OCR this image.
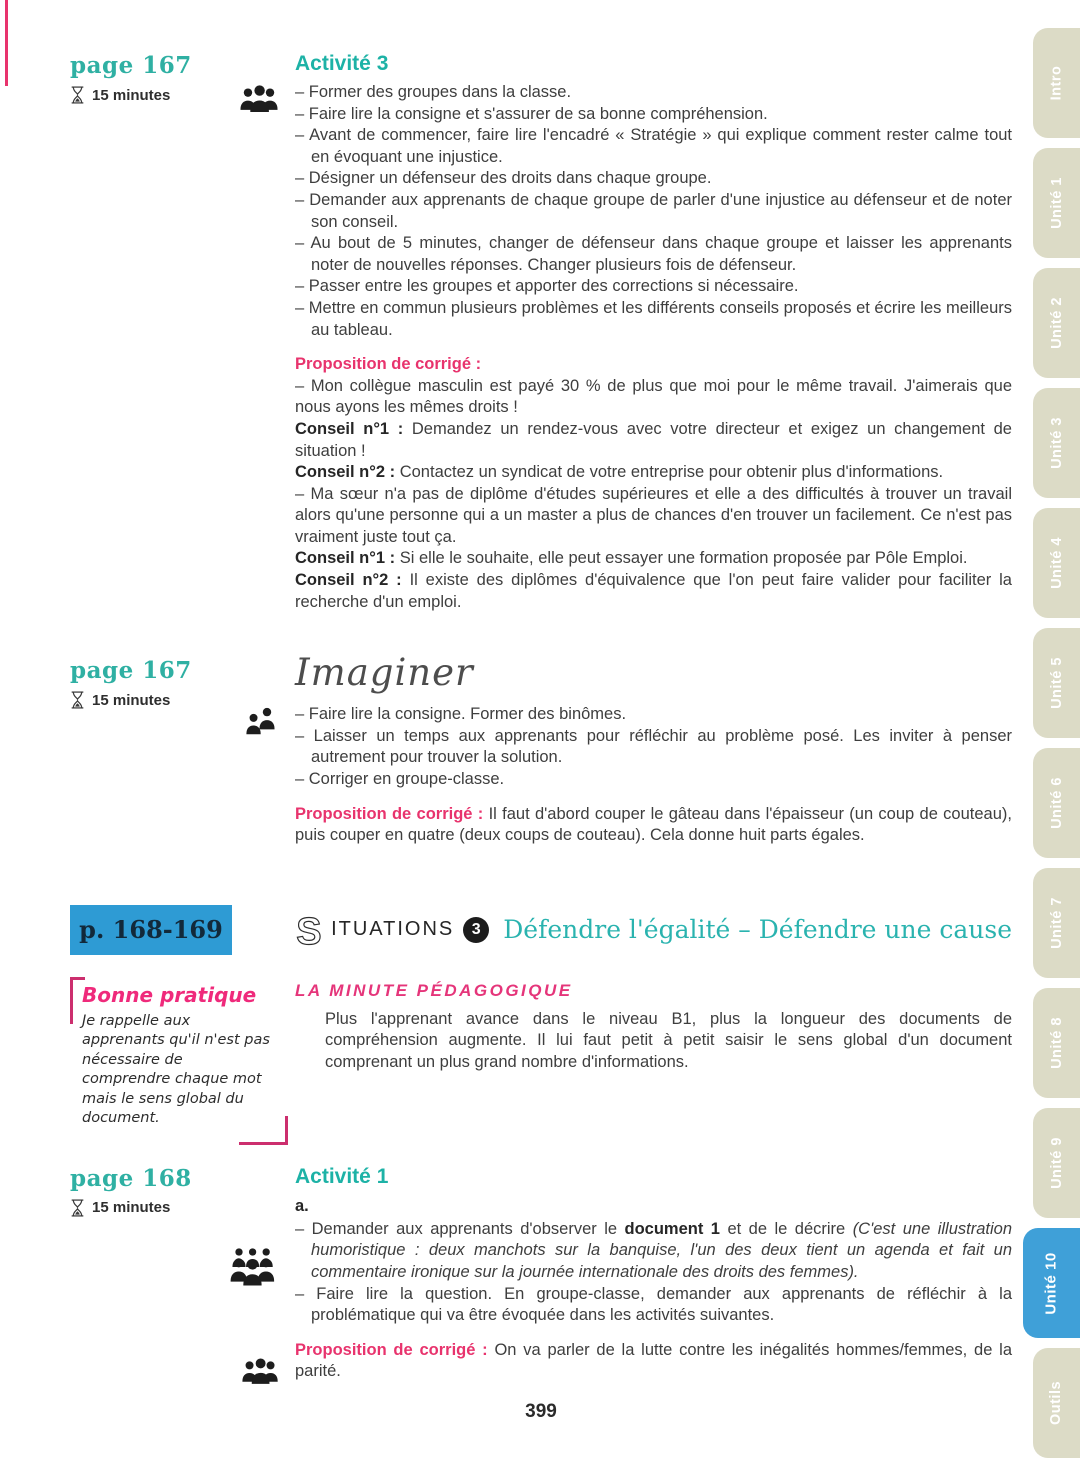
page 167
15 minutes
Activité 3

– Former des groupes dans la classe.

– Faire lire la consigne et s'assurer de sa bonne compréhension.

– Avant de commencer, faire lire l'encadré « Stratégie » qui explique comment rester calme tout en évoquant une injustice.

– Désigner un défenseur des droits dans chaque groupe.

– Demander aux apprenants de chaque groupe de parler d'une injustice au défenseur et de noter son conseil.

– Au bout de 5 minutes, changer de défenseur dans chaque groupe et laisser les apprenants noter de nouvelles réponses. Changer plusieurs fois de défenseur.

– Passer entre les groupes et apporter des corrections si nécessaire.

– Mettre en commun plusieurs problèmes et les différents conseils proposés et écrire les meilleurs au tableau.

Proposition de corrigé :

– Mon collègue masculin est payé 30 % de plus que moi pour le même travail. J'aimerais que nous ayons les mêmes droits !

Conseil n°1 : Demandez un rendez-vous avec votre directeur et exigez un changement de situation !

Conseil n°2 : Contactez un syndicat de votre entreprise pour obtenir plus d'informations.

– Ma sœur n'a pas de diplôme d'études supérieures et elle a des difficultés à trouver un travail alors qu'une personne qui a un master a plus de chances d'en trouver un facilement. Ce n'est pas vraiment juste tout ça.

Conseil n°1 : Si elle le souhaite, elle peut essayer une formation proposée par Pôle Emploi.

Conseil n°2 : Il existe des diplômes d'équivalence que l'on peut faire valider pour faciliter la recherche d'un emploi.

page 167
15 minutes
Imaginer

– Faire lire la consigne. Former des binômes.

– Laisser un temps aux apprenants pour réfléchir au problème posé. Les inviter à penser autrement pour trouver la solution.

– Corriger en groupe-classe.

Proposition de corrigé : Il faut d'abord couper le gâteau dans l'épaisseur (un coup de couteau), puis couper en quatre (deux coups de couteau). Cela donne huit parts égales.

p. 168-169 S ITUATIONS	3 Défendre l'égalité – Défendre une cause
Bonne pratique

Je rappelle aux apprenants qu'il n'est pas nécessaire de comprendre chaque mot mais le sens global du document.

LA MINUTE PÉDAGOGIQUE

Plus l'apprenant avance dans le niveau B1, plus la longueur des documents de compréhension augmente. Il lui faut petit à petit saisir le sens global d'un document comprenant un plus grand nombre d'informations.

page 168
15 minutes
Activité 1

a.

– Demander aux apprenants d'observer le document 1 et de le décrire (C'est une illustration humoristique : deux manchots sur la banquise, l'un des deux tient un agenda et fait un commentaire ironique sur la journée internationale des droits des femmes).

– Faire lire la question. En groupe-classe, demander aux apprenants de réfléchir à la problématique qui va être évoquée dans les activités suivantes.

Proposition de corrigé : On va parler de la lutte contre les inégalités hommes/femmes, de la parité.

399
Intro
Unité 1
Unité 2
Unité 3
Unité 4
Unité 5
Unité 6
Unité 7
Unité 8
Unité 9
Unité 10
Outils
